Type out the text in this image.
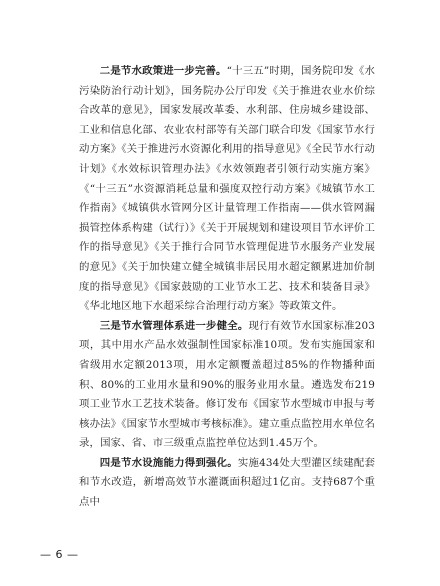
二是节水政策进一步完善。“十三五”时期，国务院印发《水污染防治行动计划》，国务院办公厅印发《关于推进农业水价综合改革的意见》，国家发展改革委、水利部、住房城乡建设部、工业和信息化部、农业农村部等有关部门联合印发《国家节水行动方案》《关于推进污水资源化利用的指导意见》《全民节水行动计划》《水效标识管理办法》《水效领跑者引领行动实施方案》《“十三五”水资源消耗总量和强度双控行动方案》《城镇节水工作指南》《城镇供水管网分区计量管理工作指南——供水管网漏损管控体系构建（试行）》《关于开展规划和建设项目节水评价工作的指导意见》《关于推行合同节水管理促进节水服务产业发展的意见》《关于加快建立健全城镇非居民用水超定额累进加价制度的指导意见》《国家鼓励的工业节水工艺、技术和装备目录》《华北地区地下水超采综合治理行动方案》等政策文件。

三是节水管理体系进一步健全。现行有效节水国家标准203项，其中用水产品水效强制性国家标准10项。发布实施国家和省级用水定额2013项，用水定额覆盖超过85%的作物播种面积、80%的工业用水量和90%的服务业用水量。遴选发布219项工业节水工艺技术装备。修订发布《国家节水型城市申报与考核办法》《国家节水型城市考核标准》。建立重点监控用水单位名录，国家、省、市三级重点监控单位达到1.45万个。

四是节水设施能力得到强化。实施434处大型灌区续建配套和节水改造，新增高效节水灌溉面积超过1亿亩。支持687个重点中

— 6 —
